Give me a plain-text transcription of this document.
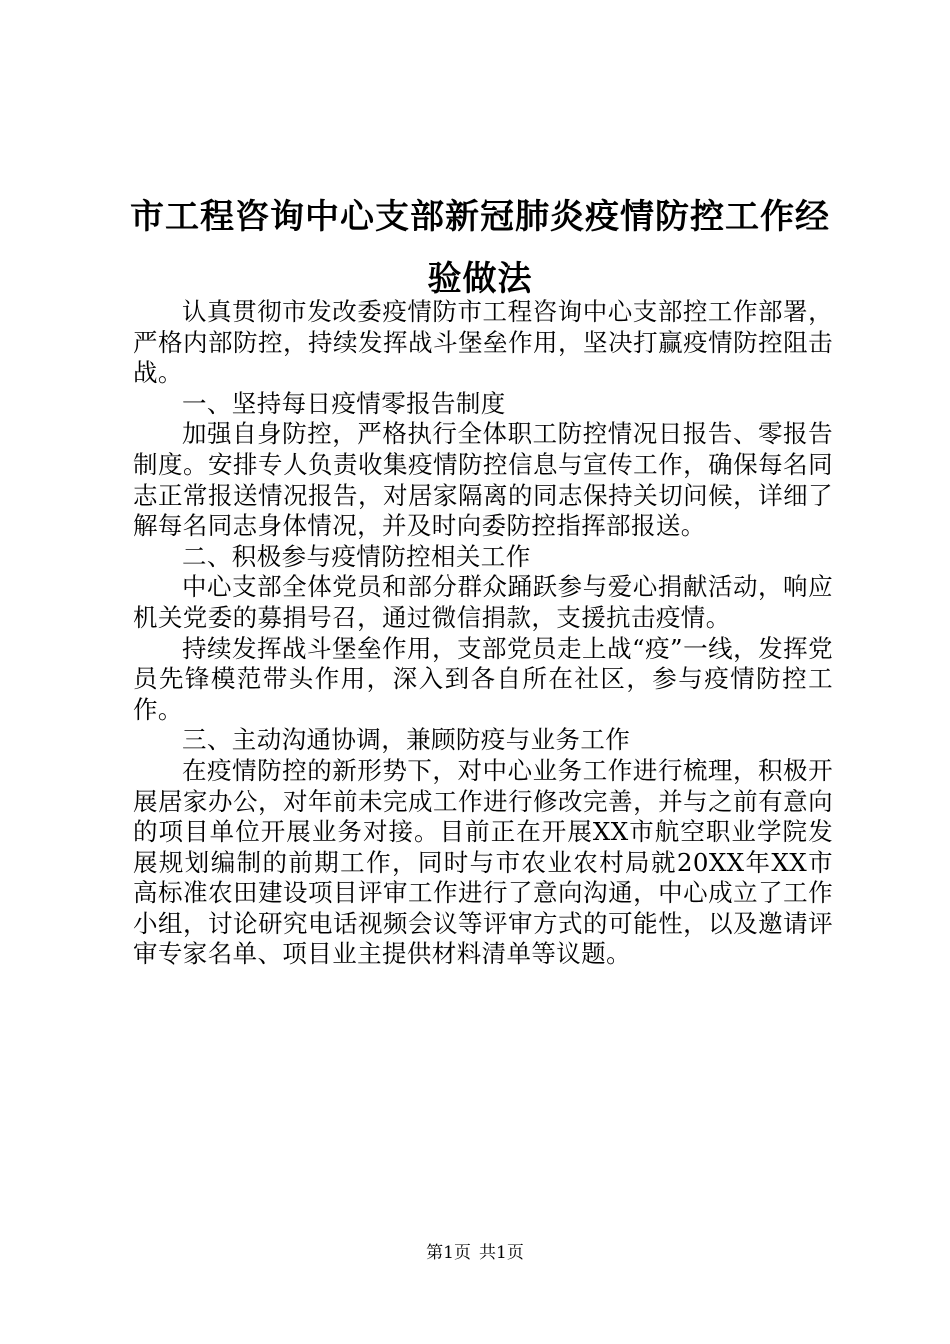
市工程咨询中心支部新冠肺炎疫情防控工作经
验做法

认真贯彻市发改委疫情防市工程咨询中心支部控工作部署，严格内部防控，持续发挥战斗堡垒作用，坚决打赢疫情防控阻击战。

一、坚持每日疫情零报告制度

加强自身防控，严格执行全体职工防控情况日报告、零报告制度。安排专人负责收集疫情防控信息与宣传工作，确保每名同志正常报送情况报告，对居家隔离的同志保持关切问候，详细了解每名同志身体情况，并及时向委防控指挥部报送。

二、积极参与疫情防控相关工作

中心支部全体党员和部分群众踊跃参与爱心捐献活动，响应机关党委的募捐号召，通过微信捐款，支援抗击疫情。

持续发挥战斗堡垒作用，支部党员走上战“疫”一线，发挥党员先锋模范带头作用，深入到各自所在社区，参与疫情防控工作。

三、主动沟通协调，兼顾防疫与业务工作

在疫情防控的新形势下，对中心业务工作进行梳理，积极开展居家办公，对年前未完成工作进行修改完善，并与之前有意向的项目单位开展业务对接。目前正在开展XX市航空职业学院发展规划编制的前期工作，同时与市农业农村局就20XX年XX市高标准农田建设项目评审工作进行了意向沟通，中心成立了工作小组，讨论研究电话视频会议等评审方式的可能性，以及邀请评审专家名单、项目业主提供材料清单等议题。

第1页 共1页
